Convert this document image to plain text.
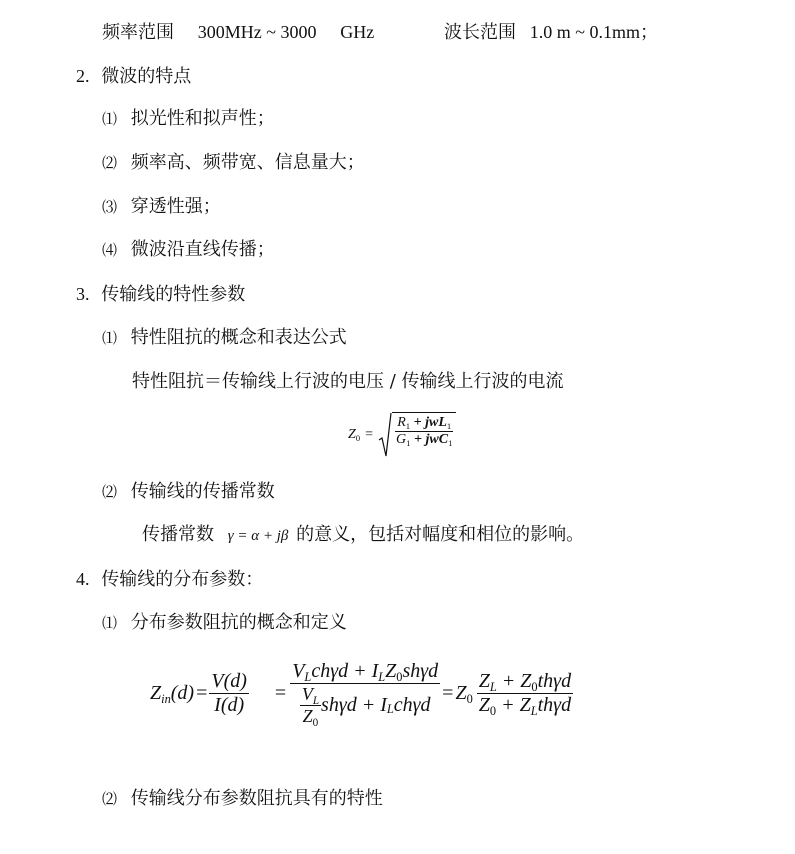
频率范围 300MHz ~ 3000 GHz	波长范围 1.0 m ~ 0.1mm；
2. 微波的特点
⑴ 拟光性和拟声性；
⑵ 频率高、频带宽、信息量大；
⑶ 穿透性强；
⑷ 微波沿直线传播；
3. 传输线的特性参数
⑴ 特性阻抗的概念和表达公式
特性阻抗＝传输线上行波的电压 / 传输线上行波的电流
$Z0 = \frac{\text{R1 + jwL1}}{\text{G1 + jwC1}}$
⑵ 传输线的传播常数
传播常数 γ = α + jβ 的意义，包括对幅度和相位的影响。
4. 传输线的分布参数：
⑴ 分布参数阻抗的概念和定义
$Zin(d) = \frac{V(d)}{I(d)} = \frac{\text{VLchγd + ILZ0shγd}}{\frac{VL}{Z0} sh\gamma d + I L ch\gamma d} = Z0 \frac{\text{ZL + Z0thγd}}{\text{Z0 + ZLthγd}}$
⑵ 传输线分布参数阻抗具有的特性
